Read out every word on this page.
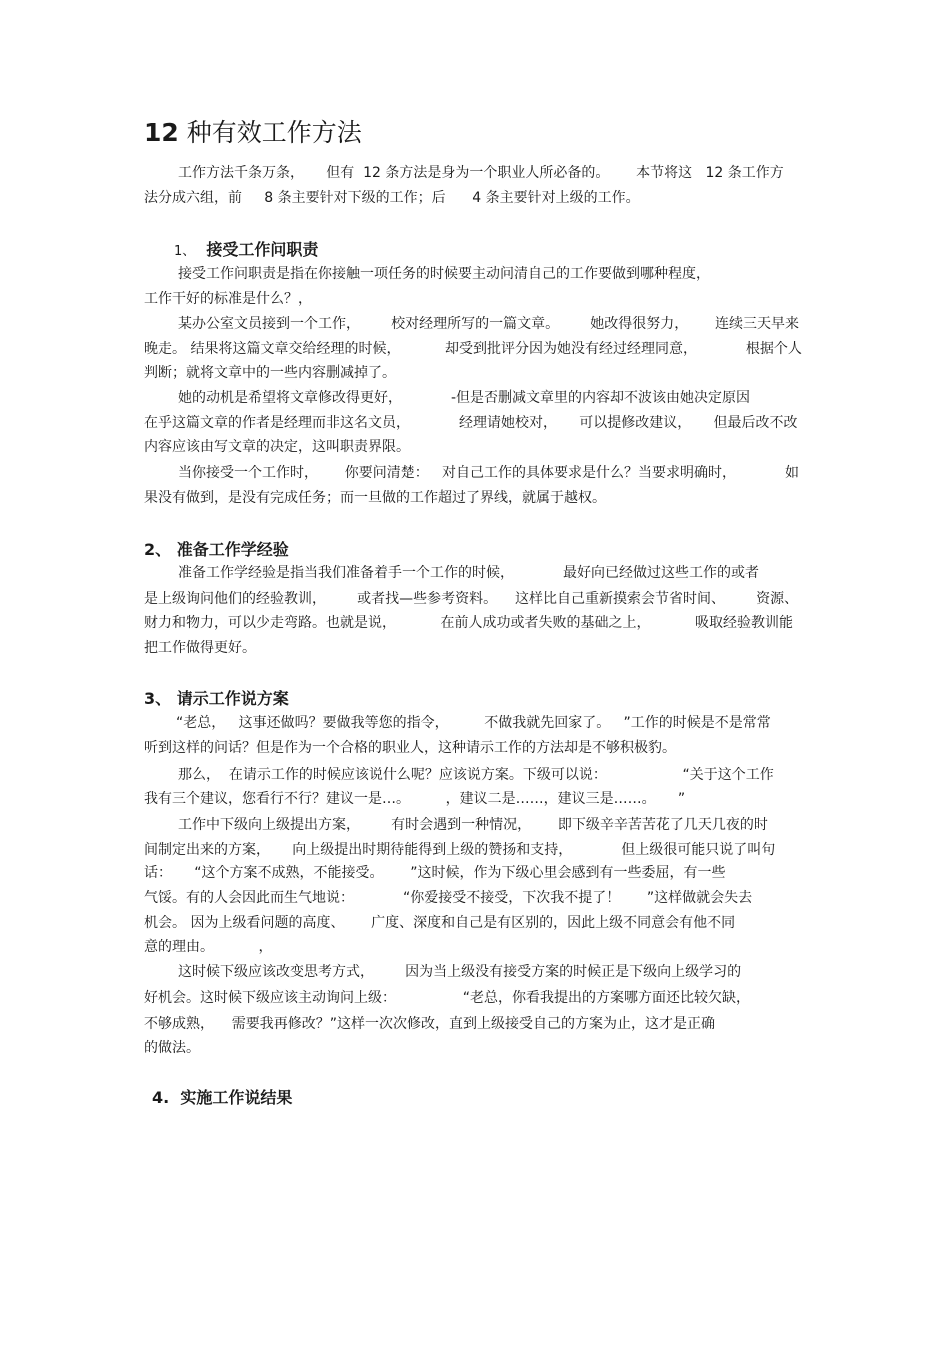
12 种有效工作方法

工作方法千条万条，     但有  12 条方法是身为一个职业人所必备的。      本节将这   12 条工作方

法分成六组，前     8 条主要针对下级的工作；后      4 条主要针对上级的工作。

1、 接受工作问职责

接受工作问职责是指在你接触一项任务的时候要主动问清自己的工作要做到哪种程度，

工作干好的标准是什么？，

某办公室文员接到一个工作，       校对经理所写的一篇文章。       她改得很努力，      连续三天早来

晚走。 结果将这篇文章交给经理的时候，          却受到批评分因为她没有经过经理同意，           根据个人

判断；就将文章中的一些内容删减掉了。

她的动机是希望将文章修改得更好，           -但是否删减文章里的内容却不波该由她决定原因

在乎这篇文章的作者是经理而非这名文员，           经理请她校对，     可以提修改建议，     但最后改不改

内容应该由写文章的决定，这叫职责界限。

当你接受一个工作时，      你要问清楚：   对自己工作的具体要求是什么？当要求明确时，           如

果没有做到，是没有完成任务；而一旦做的工作超过了界线，就属于越权。

2、 准备工作学经验

准备工作学经验是指当我们准备着手一个工作的时候，           最好向已经做过这些工作的或者

是上级询问他们的经验教训，       或者找—些参考资料。    这样比自己重新摸索会节省时间、       资源、

财力和物力，可以少走弯路。也就是说，          在前人成功或者失败的基础之上，          吸取经验教训能

把工作做得更好。

3、 请示工作说方案

“老总，   这事还做吗？要做我等您的指令，        不做我就先回家了。   ”工作的时候是不是常常

听到这样的问话？但是作为一个合格的职业人，这种请示工作的方法却是不够积极豹。

那么，  在请示工作的时候应该说什么呢？应该说方案。下级可以说：                 “关于这个工作

我有三个建议，您看行不行？建议一是…。        ，建议二是……，建议三是……。     ”

工作中下级向上级提出方案，       有时会遇到一种情况，      即下级辛辛苦苦花了几天几夜的时

间制定出来的方案，     向上级提出时期待能得到上级的赞扬和支持，           但上级很可能只说了叫句

话：     “这个方案不成熟，不能接受。      ”这时候，作为下级心里会感到有一些委屈，有一些

气馁。有的人会因此而生气地说：           “你爱接受不接受，下次我不提了！      ”这样做就会失去

机会。 因为上级看问题的高度、      广度、深度和自己是有区别的，因此上级不同意会有他不同

意的理由。          ，

这时候下级应该改变思考方式，       因为当上级没有接受方案的时候正是下级向上级学习的

好机会。这时候下级应该主动询问上级：               “老总，你看我提出的方案哪方面还比较欠缺，

不够成熟，    需要我再修改？”这样一次次修改，直到上级接受自己的方案为止，这才是正确

的做法。

4. 实施工作说结果
